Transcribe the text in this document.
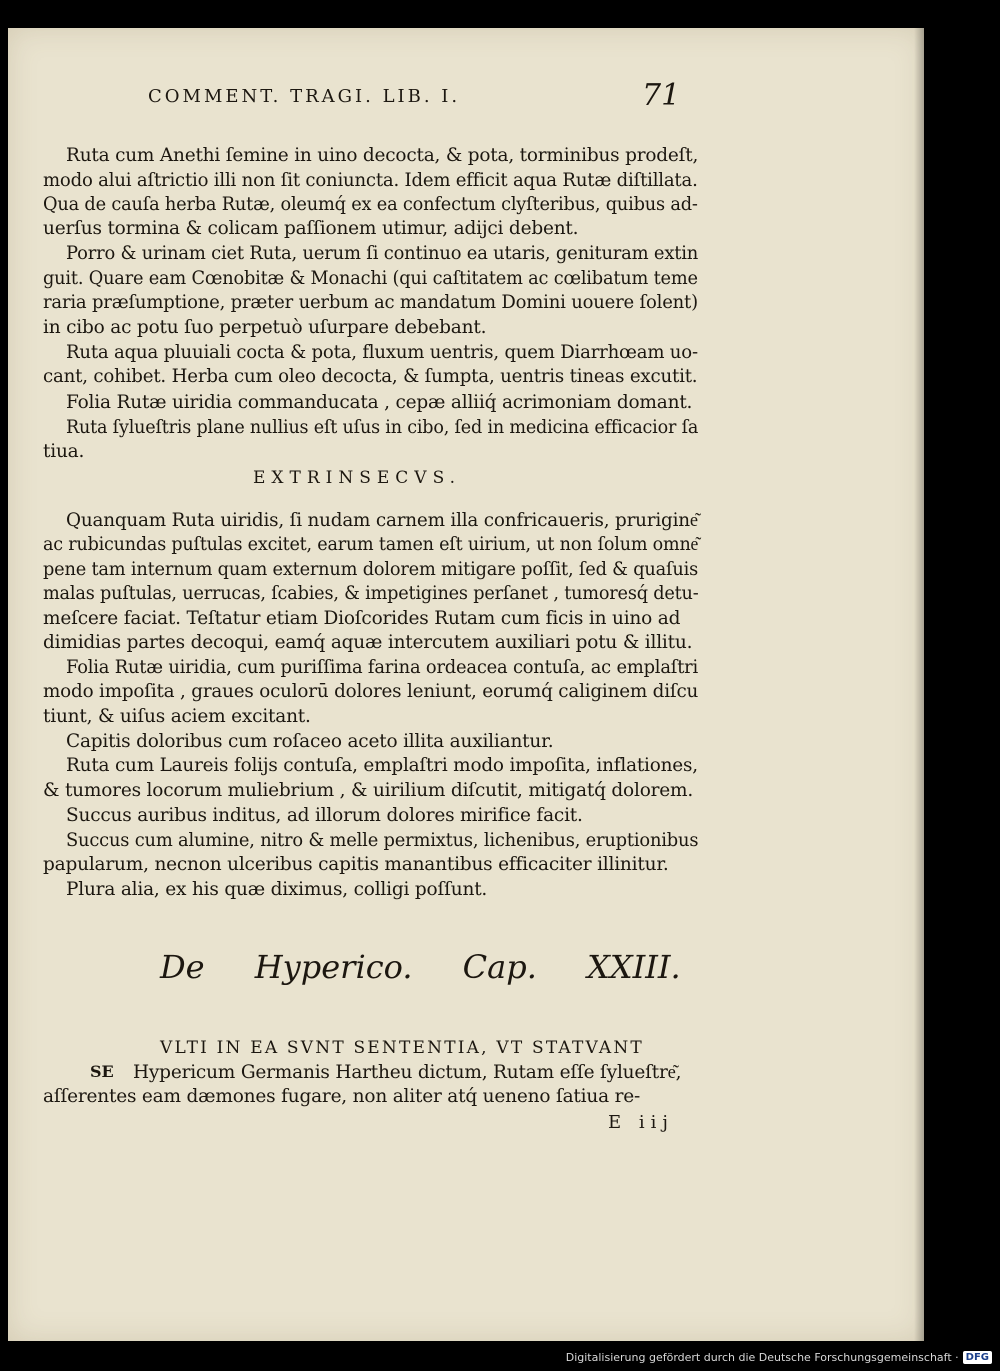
COMMENT. TRAGI. LIB. I.	71

Ruta cum Anethi ſemine in uino decocta, & pota, torminibus prodeſt,

modo alui aſtrictio illi non ſit coniuncta. Idem efficit aqua Rutæ diſtillata.

Qua de cauſa herba Rutæ, oleumq́ ex ea confectum clyſteribus, quibus ad-

uerſus tormina & colicam paſſionem utimur, adijci debent.

Porro & urinam ciet Ruta, uerum ſi continuo ea utaris, genituram extin

guit. Quare eam Cœnobitæ & Monachi (qui caſtitatem ac cœlibatum teme

raria præſumptione, præter uerbum ac mandatum Domini uouere ſolent)

in cibo ac potu ſuo perpetuò uſurpare debebant.

Ruta aqua pluuiali cocta & pota, fluxum uentris, quem Diarrhœam uo-

cant, cohibet. Herba cum oleo decocta, & ſumpta, uentris tineas excutit.

Folia Rutæ uiridia commanducata , cepæ alliiq́ acrimoniam domant.

Ruta ſylueſtris plane nullius eſt uſus in cibo, ſed in medicina efficacior ſa

tiua.

EXTRINSECVS.

Quanquam Ruta uiridis, ſi nudam carnem illa confricaueris, prurigine͂

ac rubicundas puſtulas excitet, earum tamen eſt uirium, ut non ſolum omne͂

pene tam internum quam externum dolorem mitigare poſſit, ſed & quaſuis

malas puſtulas, uerrucas, ſcabies, & impetigines perſanet , tumoresq́ detu-

meſcere faciat. Teſtatur etiam Dioſcorides Rutam cum ficis in uino ad

dimidias partes decoqui, eamq́ aquæ intercutem auxiliari potu & illitu.

Folia Rutæ uiridia, cum puriſſima farina ordeacea contuſa, ac emplaſtri

modo impoſita , graues oculorū dolores leniunt, eorumq́ caliginem diſcu

tiunt, & uiſus aciem excitant.

Capitis doloribus cum roſaceo aceto illita auxiliantur.

Ruta cum Laureis folijs contuſa, emplaſtri modo impoſita, inflationes,

& tumores locorum muliebrium , & uirilium diſcutit, mitigatq́ dolorem.

Succus auribus inditus, ad illorum dolores mirifice facit.

Succus cum alumine, nitro & melle permixtus, lichenibus, eruptionibus

papularum, necnon ulceribus capitis manantibus efficaciter illinitur.

Plura alia, ex his quæ diximus, colligi poſſunt.

De Hyperico. Cap. XXIII.

VLTI IN EA SVNT SENTENTIA, VT STATVANT

SE Hypericum Germanis Hartheu dictum, Rutam eſſe ſylueſtre͂,

aſſerentes eam dæmones fugare, non aliter atq́ ueneno ſatiua re-

E iij

Digitalisierung gefördert durch die Deutsche Forschungsgemeinschaft · DFG
